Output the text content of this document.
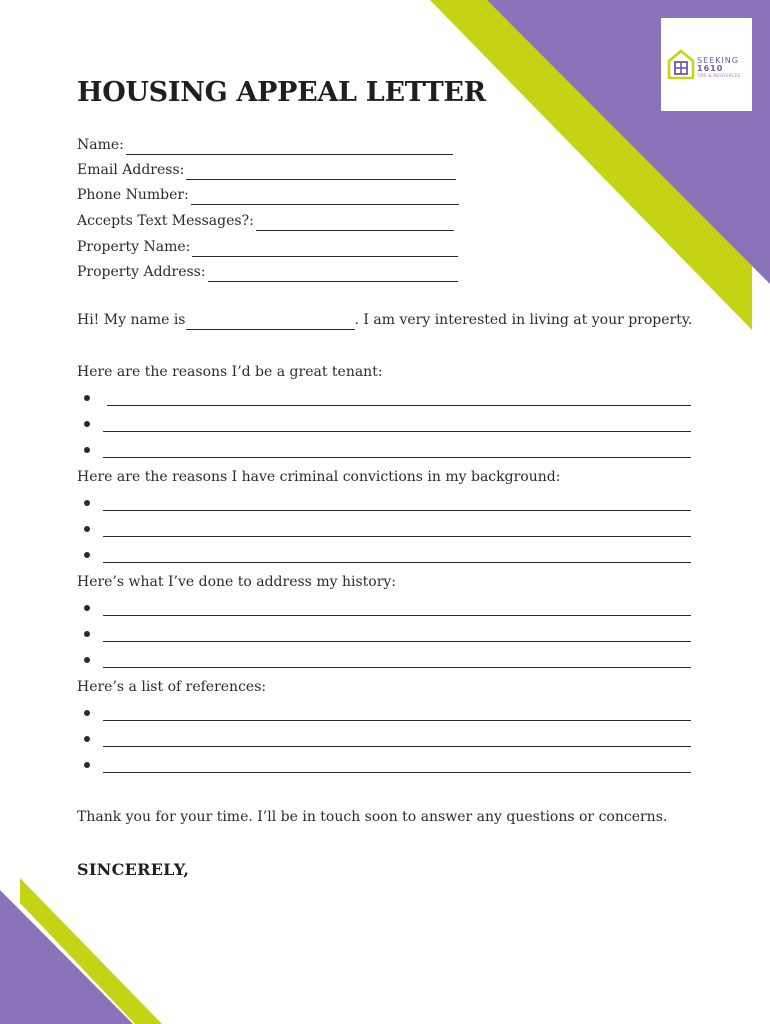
SEEKING
1610
TIPS & RESOURCES
HOUSING APPEAL LETTER
Name:
Email Address:
Phone Number:
Accepts Text Messages?:
Property Name:
Property Address:
Hi! My name is	. I am very interested in living at your property.

Here are the reasons I’d be a great tenant:

Here are the reasons I have criminal convictions in my background:

Here’s what I’ve done to address my history:

Here’s a list of references:

Thank you for your time. I’ll be in touch soon to answer any questions or concerns.

SINCERELY,
